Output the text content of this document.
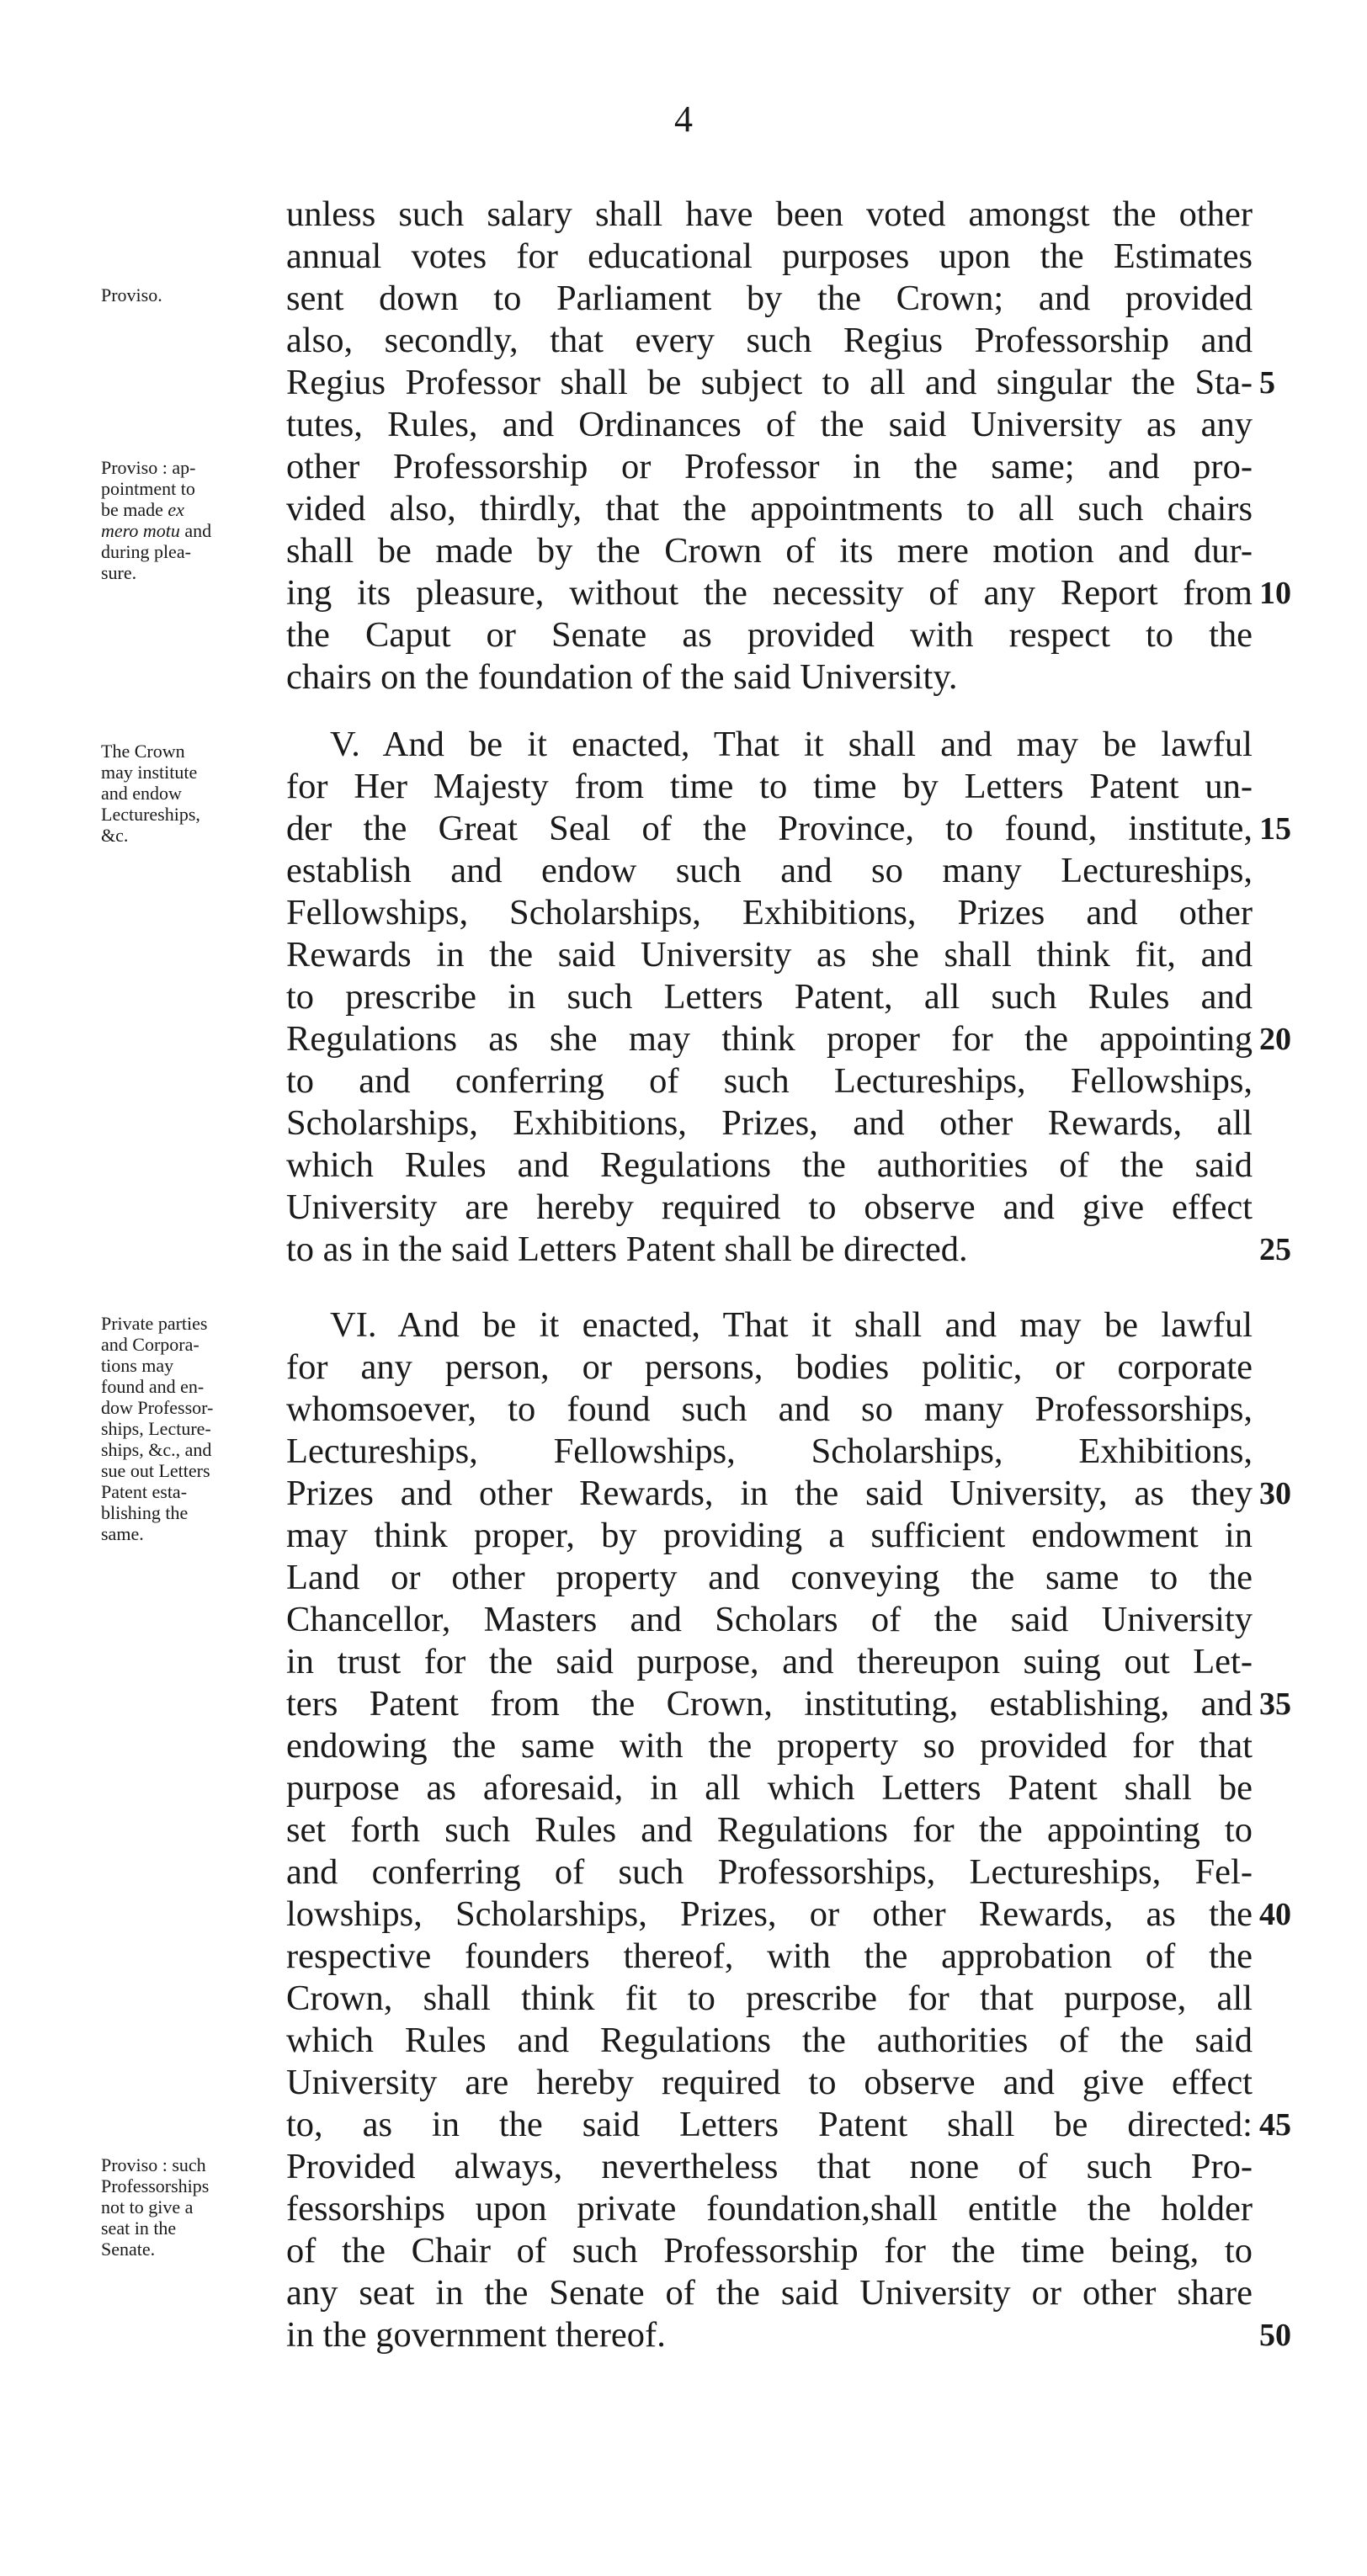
4
unless such salary shall have been voted amongst the other
annual votes for educational purposes upon the Estimates
sent down to Parliament by the Crown; and provided
also, secondly, that every such Regius Professorship and
Regius Professor shall be subject to all and singular the Sta-
tutes, Rules, and Ordinances of the said University as any
other Professorship or Professor in the same; and pro-
vided also, thirdly, that the appointments to all such chairs
shall be made by the Crown of its mere motion and dur-
ing its pleasure, without the necessity of any Report from
the Caput or Senate as provided with respect to the
chairs on the foundation of the said University.
V. And be it enacted, That it shall and may be lawful
for Her Majesty from time to time by Letters Patent un-
der the Great Seal of the Province, to found, institute,
establish and endow such and so many Lectureships,
Fellowships, Scholarships, Exhibitions, Prizes and other
Rewards in the said University as she shall think fit, and
to prescribe in such Letters Patent, all such Rules and
Regulations as she may think proper for the appointing
to and conferring of such Lectureships, Fellowships,
Scholarships, Exhibitions, Prizes, and other Rewards, all
which Rules and Regulations the authorities of the said
University are hereby required to observe and give effect
to as in the said Letters Patent shall be directed.
VI. And be it enacted, That it shall and may be lawful
for any person, or persons, bodies politic, or corporate
whomsoever, to found such and so many Professorships,
Lectureships, Fellowships, Scholarships, Exhibitions,
Prizes and other Rewards, in the said University, as they
may think proper, by providing a sufficient endowment in
Land or other property and conveying the same to the
Chancellor, Masters and Scholars of the said University
in trust for the said purpose, and thereupon suing out Let-
ters Patent from the Crown, instituting, establishing, and
endowing the same with the property so provided for that
purpose as aforesaid, in all which Letters Patent shall be
set forth such Rules and Regulations for the appointing to
and conferring of such Professorships, Lectureships, Fel-
lowships, Scholarships, Prizes, or other Rewards, as the
respective founders thereof, with the approbation of the
Crown, shall think fit to prescribe for that purpose, all
which Rules and Regulations the authorities of the said
University are hereby required to observe and give effect
to, as in the said Letters Patent shall be directed:
Provided always, nevertheless that none of such Pro-
fessorships upon private foundation,shall entitle the holder
of the Chair of such Professorship for the time being, to
any seat in the Senate of the said University or other share
in the government thereof.
Proviso.
Proviso : ap-
pointment to
be made ex
mero motu and
during plea-
sure.
The Crown
may institute
and endow
Lectureships,
&c.
Private parties
and Corpora-
tions may
found and en-
dow Professor-
ships, Lecture-
ships, &c., and
sue out Letters
Patent esta-
blishing the
same.
Proviso : such
Professorships
not to give a
seat in the
Senate.
5
10
15
20
25
30
35
40
45
50
